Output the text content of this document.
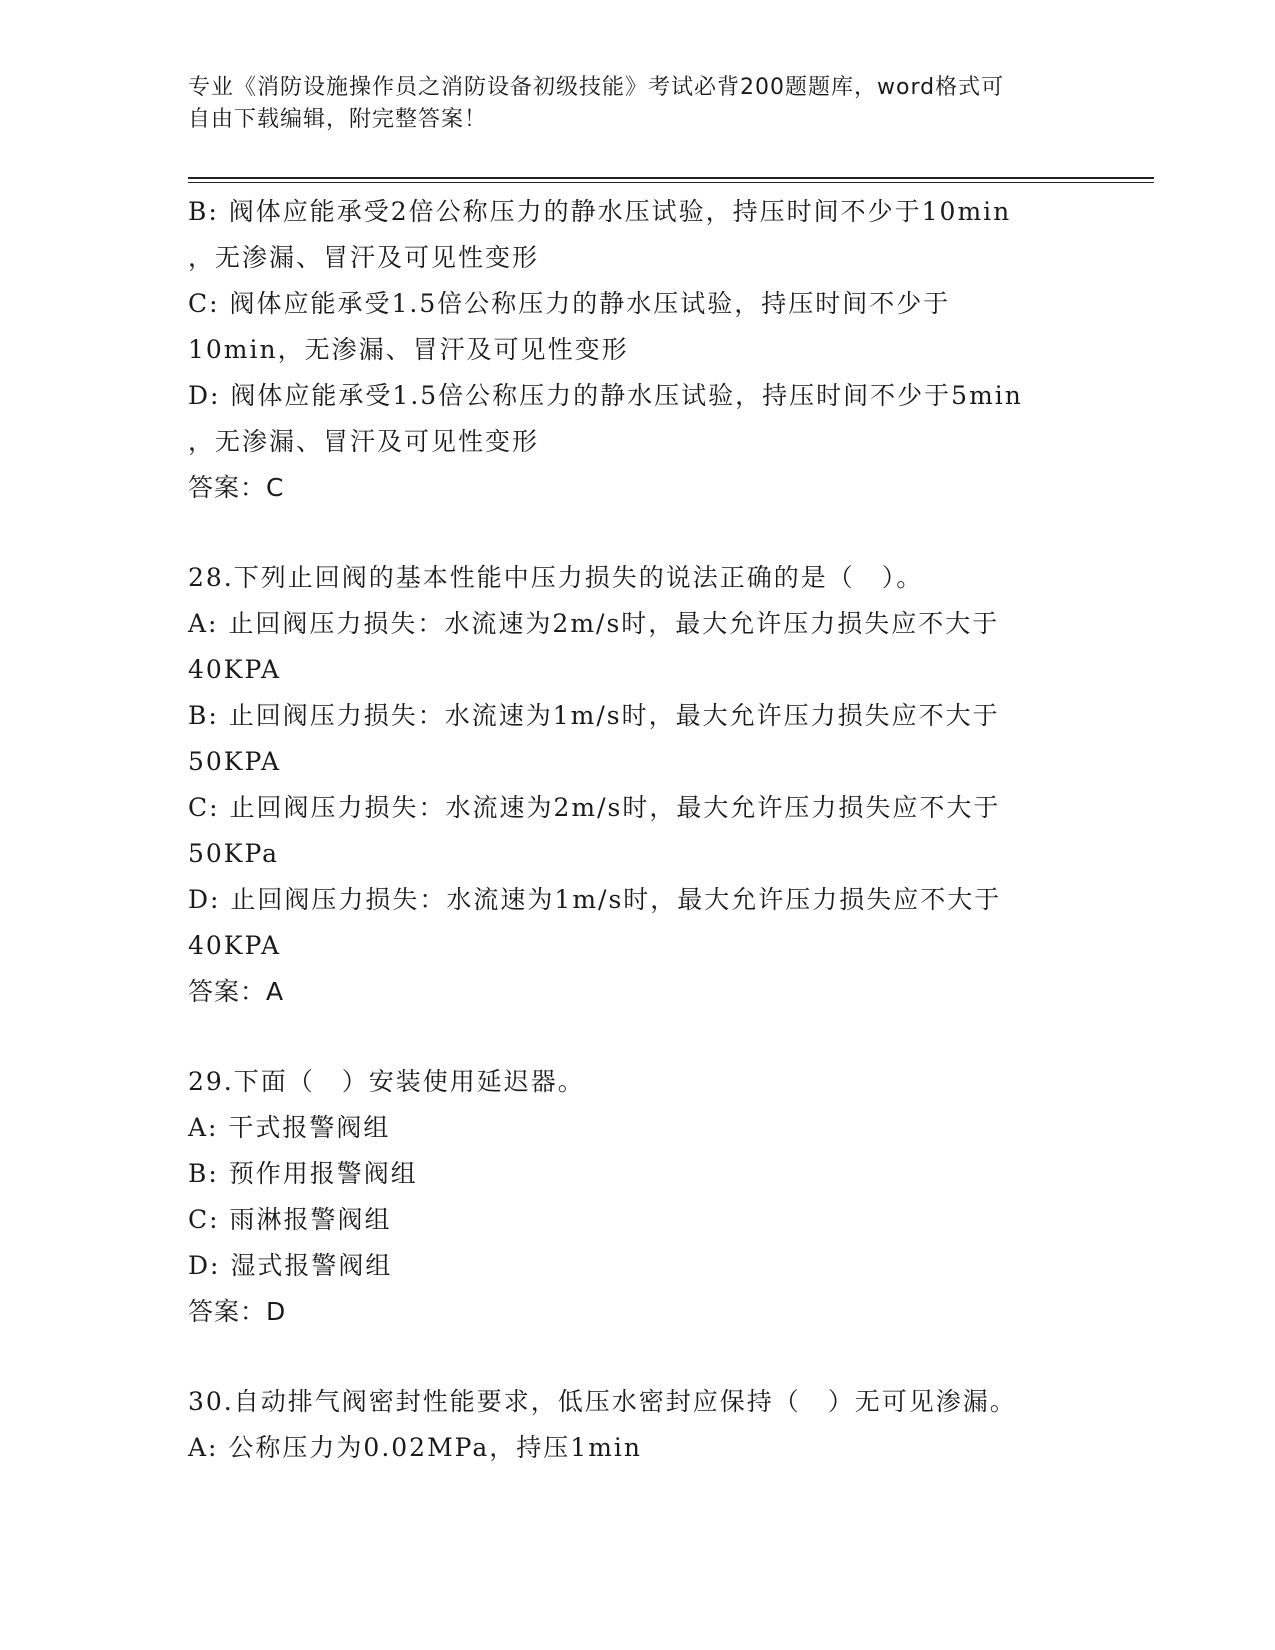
专业《消防设施操作员之消防设备初级技能》考试必背200题题库，word格式可
自由下载编辑，附完整答案！
B: 阀体应能承受2倍公称压力的静水压试验，持压时间不少于10min
，无渗漏、冒汗及可见性变形
C: 阀体应能承受1.5倍公称压力的静水压试验，持压时间不少于
10min，无渗漏、冒汗及可见性变形
D: 阀体应能承受1.5倍公称压力的静水压试验，持压时间不少于5min
，无渗漏、冒汗及可见性变形
答案：C
28.下列止回阀的基本性能中压力损失的说法正确的是（　）。
A: 止回阀压力损失：水流速为2m/s时，最大允许压力损失应不大于
40KPA
B: 止回阀压力损失：水流速为1m/s时，最大允许压力损失应不大于
50KPA
C: 止回阀压力损失：水流速为2m/s时，最大允许压力损失应不大于
50KPa
D: 止回阀压力损失：水流速为1m/s时，最大允许压力损失应不大于
40KPA
答案：A
29.下面（　）安装使用延迟器。
A: 干式报警阀组
B: 预作用报警阀组
C: 雨淋报警阀组
D: 湿式报警阀组
答案：D
30.自动排气阀密封性能要求，低压水密封应保持（　）无可见渗漏。
A: 公称压力为0.02MPa，持压1min
